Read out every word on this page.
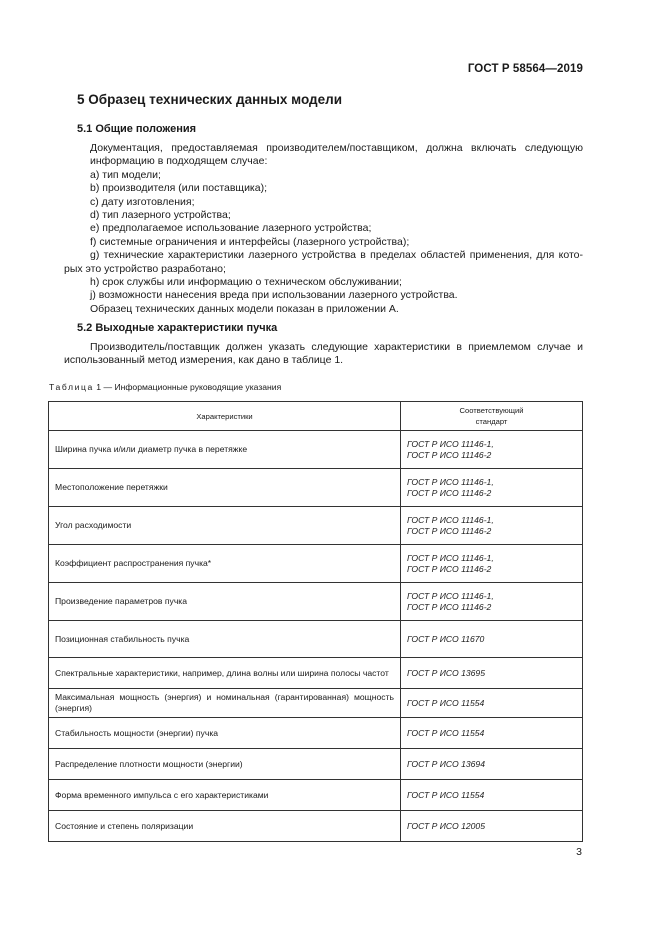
ГОСТ Р 58564—2019
5 Образец технических данных модели
5.1 Общие положения

Документация, предоставляемая производителем/поставщиком, должна включать следующую информацию в подходящем случае:

a) тип модели;

b) производителя (или поставщика);

c) дату изготовления;

d) тип лазерного устройства;

e) предполагаемое использование лазерного устройства;

f) системные ограничения и интерфейсы (лазерного устройства);

g) технические характеристики лазерного устройства в пределах областей применения, для кото-

рых это устройство разработано;

h) срок службы или информацию о техническом обслуживании;

j) возможности нанесения вреда при использовании лазерного устройства.

Образец технических данных модели показан в приложении А.

5.2 Выходные характеристики пучка

Производитель/поставщик должен указать следующие характеристики в приемлемом случае и

использованный метод измерения, как дано в таблице 1.

Таблица 1 — Информационные руководящие указания
Характеристики	Соответствующий
стандарт

Ширина пучка и/или диаметр пучка в перетяжке	ГОСТ Р ИСО 11146-1,
ГОСТ Р ИСО 11146-2

Местоположение перетяжки	ГОСТ Р ИСО 11146-1,
ГОСТ Р ИСО 11146-2

Угол расходимости	ГОСТ Р ИСО 11146-1,
ГОСТ Р ИСО 11146-2

Коэффициент распространения пучка*	ГОСТ Р ИСО 11146-1,
ГОСТ Р ИСО 11146-2

Произведение параметров пучка	ГОСТ Р ИСО 11146-1,
ГОСТ Р ИСО 11146-2

Позиционная стабильность пучка	ГОСТ Р ИСО 11670
Спектральные характеристики, например, длина волны или ширина полосы частот	ГОСТ Р ИСО 13695
Максимальная мощность (энергия) и номинальная (гарантированная) мощность (энергия)	ГОСТ Р ИСО 11554
Стабильность мощности (энергии) пучка	ГОСТ Р ИСО 11554
Распределение плотности мощности (энергии)	ГОСТ Р ИСО 13694
Форма временного импульса с его характеристиками	ГОСТ Р ИСО 11554
Состояние и степень поляризации	ГОСТ Р ИСО 12005
3
